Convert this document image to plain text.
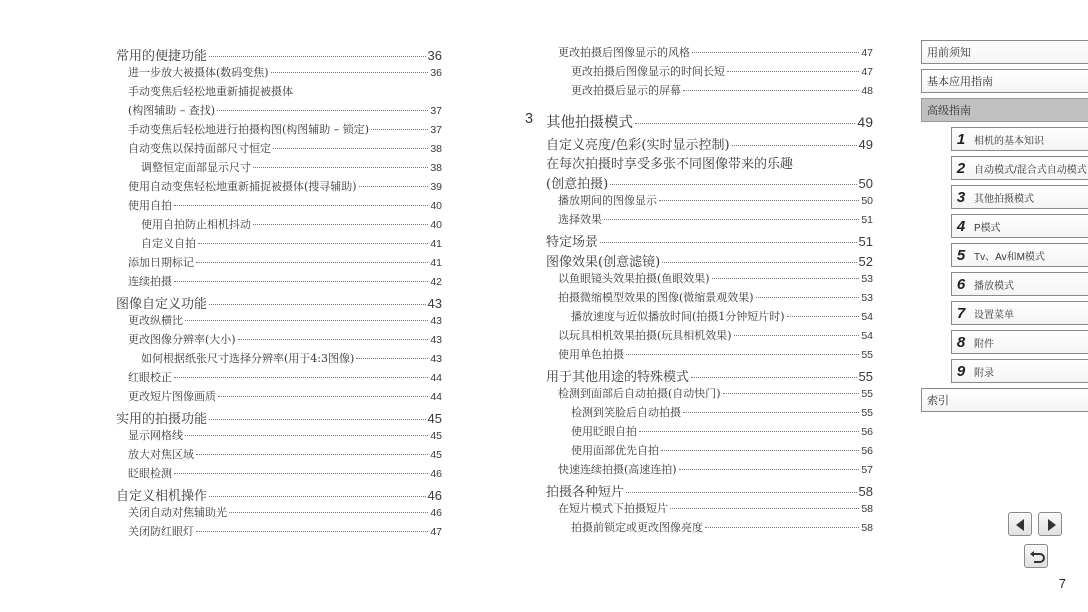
常用的便捷功能	36
进一步放大被摄体(数码变焦)	36
手动变焦后轻松地重新捕捉被摄体
(构图辅助 – 查找)	37
手动变焦后轻松地进行拍摄构图(构图辅助 – 锁定)	37
自动变焦以保持面部尺寸恒定	38
调整恒定面部显示尺寸	38
使用自动变焦轻松地重新捕捉被摄体(搜寻辅助)	39
使用自拍	40
使用自拍防止相机抖动	40
自定义自拍	41
添加日期标记	41
连续拍摄	42
图像自定义功能	43
更改纵横比	43
更改图像分辨率(大小)	43
如何根据纸张尺寸选择分辨率(用于4:3图像)	43
红眼校正	44
更改短片图像画质	44
实用的拍摄功能	45
显示网格线	45
放大对焦区域	45
眨眼检测	46
自定义相机操作	46
关闭自动对焦辅助光	46
关闭防红眼灯	47
更改拍摄后图像显示的风格	47
更改拍摄后图像显示的时间长短	47
更改拍摄后显示的屏幕	48
3 其他拍摄模式	49
自定义亮度/色彩(实时显示控制)	49
在每次拍摄时享受多张不同图像带来的乐趣
(创意拍摄)	50
播放期间的图像显示	50
选择效果	51
特定场景	51
图像效果(创意滤镜)	52
以鱼眼镜头效果拍摄(鱼眼效果)	53
拍摄微缩模型效果的图像(微缩景观效果)	53
播放速度与近似播放时间(拍摄1分钟短片时)	54
以玩具相机效果拍摄(玩具相机效果)	54
使用单色拍摄	55
用于其他用途的特殊模式	55
检测到面部后自动拍摄(自动快门)	55
检测到笑脸后自动拍摄	55
使用眨眼自拍	56
使用面部优先自拍	56
快速连续拍摄(高速连拍)	57
拍摄各种短片	58
在短片模式下拍摄短片	58
拍摄前锁定或更改图像亮度	58
用前须知
基本应用指南
高级指南
1 相机的基本知识
2 自动模式/混合式自动模式
3 其他拍摄模式
4 P模式
5 Tv、Av和M模式
6 播放模式
7 设置菜单
8 附件
9 附录
索引
7
